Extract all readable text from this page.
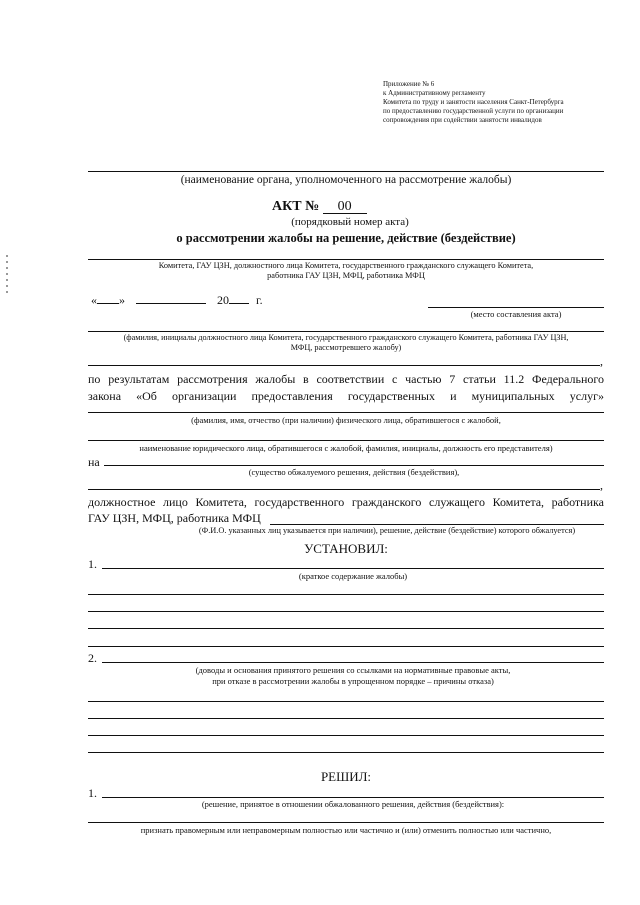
Приложение № 6
к Административному регламенту
Комитета по труду и занятости населения Санкт-Петербурга
по предоставлению государственной услуги по организации
сопровождения при содействии занятости инвалидов
(наименование органа, уполномоченного на рассмотрение жалобы)
АКТ № 00
(порядковый номер акта)
о рассмотрении жалобы на решение, действие (бездействие)
Комитета, ГАУ ЦЗН, должностного лица Комитета, государственного гражданского служащего Комитета,
работника ГАУ ЦЗН, МФЦ, работника МФЦ
« »	20 г.
(место составления акта)
(фамилия, инициалы должностного лица Комитета, государственного гражданского служащего Комитета, работника ГАУ ЦЗН,
МФЦ, рассмотревшего жалобу)
,
по результатам рассмотрения жалобы в соответствии с частью 7 статьи 11.2 Федерального
закона «Об организации предоставления государственных и муниципальных услуг»
(фамилия, имя, отчество (при наличии) физического лица, обратившегося с жалобой,
наименование юридического лица, обратившегося с жалобой, фамилия, инициалы, должность его представителя)
на
(существо обжалуемого решения, действия (бездействия),
,
должностное лицо Комитета, государственного гражданского служащего Комитета, работника
ГАУ ЦЗН, МФЦ, работника МФЦ
(Ф.И.О. указанных лиц указывается при наличии), решение, действие (бездействие) которого обжалуется)
УСТАНОВИЛ:
1.
(краткое содержание жалобы)
2.
(доводы и основания принятого решения со ссылками на нормативные правовые акты,
при отказе в рассмотрении жалобы в упрощенном порядке – причины отказа)
РЕШИЛ:
1.
(решение, принятое в отношении обжалованного решения, действия (бездействия):
признать правомерным или неправомерным полностью или частично и (или) отменить полностью или частично,
